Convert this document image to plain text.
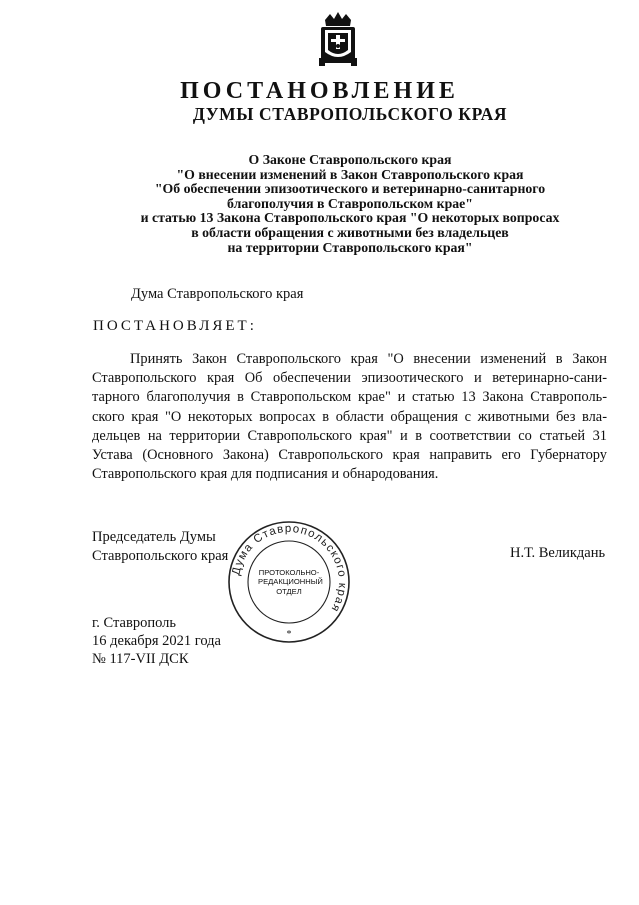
ПОСТАНОВЛЕНИЕ
ДУМЫ СТАВРОПОЛЬСКОГО КРАЯ
О Законе Ставропольского края
"О внесении изменений в Закон Ставропольского края
"Об обеспечении эпизоотического и ветеринарно-санитарного
благополучия в Ставропольском крае"
и статью 13 Закона Ставропольского края "О некоторых вопросах
в области обращения с животными без владельцев
на территории Ставропольского края"
Дума Ставропольского края
ПОСТАНОВЛЯЕТ:
Принять Закон Ставропольского края "О внесении изменений в Закон
Ставропольского края Об обеспечении эпизоотического и ветеринарно-сани-
тарного благополучия в Ставропольском крае" и статью 13 Закона Ставрополь-
ского края "О некоторых вопросах в области обращения с животными без вла-
дельцев на территории Ставропольского края" и в соответствии со статьей 31
Устава (Основного Закона) Ставропольского края направить его Губернатору
Ставропольского края для подписания и обнародования.
Председатель Думы
Ставропольского края
Дума Ставропольского края
*
ПРОТОКОЛЬНО-
РЕДАКЦИОННЫЙ
ОТДЕЛ
Н.Т. Великдань
г. Ставрополь
16 декабря 2021 года
№ 117-VII ДСК
